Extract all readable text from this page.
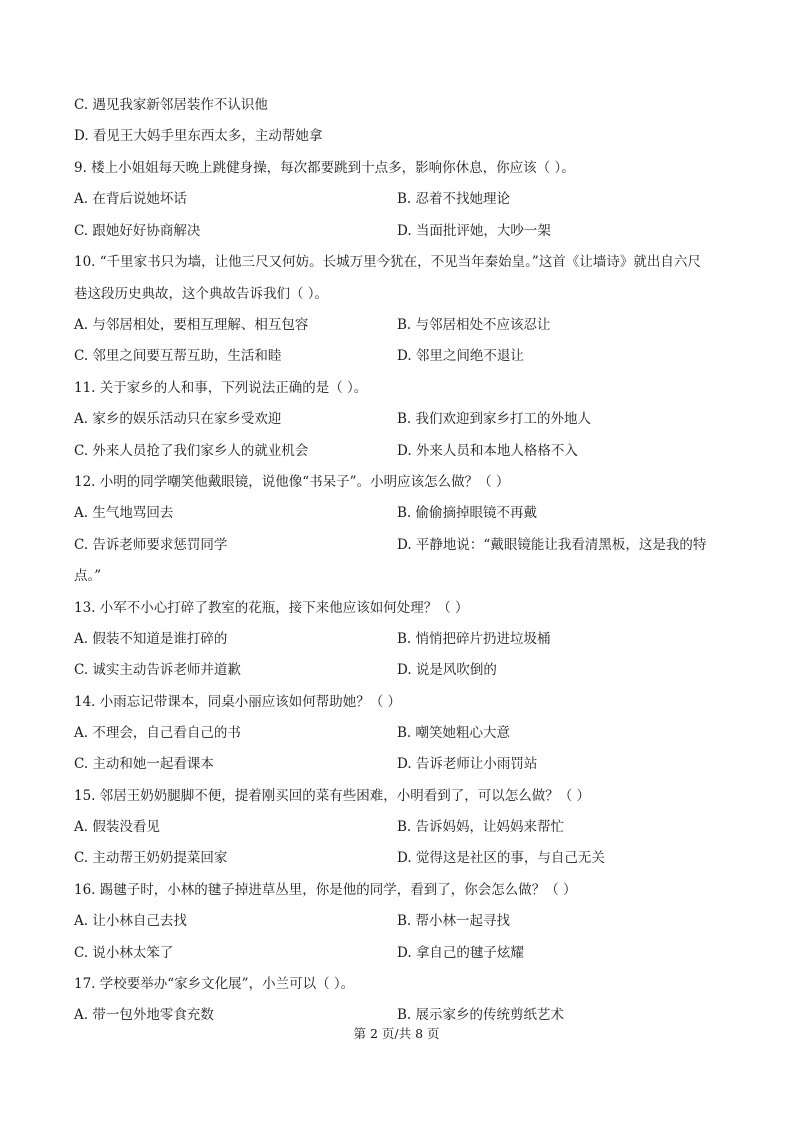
C. 遇见我家新邻居装作不认识他
D. 看见王大妈手里东西太多，主动帮她拿
9. 楼上小姐姐每天晚上跳健身操，每次都要跳到十点多，影响你休息，你应该（ ）。
A. 在背后说她坏话	B. 忍着不找她理论
C. 跟她好好协商解决	D. 当面批评她，大吵一架
10. “千里家书只为墙，让他三尺又何妨。长城万里今犹在，不见当年秦始皇。”这首《让墙诗》就出自六尺
巷这段历史典故，这个典故告诉我们（ ）。
A. 与邻居相处，要相互理解、相互包容	B. 与邻居相处不应该忍让
C. 邻里之间要互帮互助，生活和睦	D. 邻里之间绝不退让
11. 关于家乡的人和事，下列说法正确的是（ ）。
A. 家乡的娱乐活动只在家乡受欢迎	B. 我们欢迎到家乡打工的外地人
C. 外来人员抢了我们家乡人的就业机会	D. 外来人员和本地人格格不入
12. 小明的同学嘲笑他戴眼镜，说他像“书呆子”。小明应该怎么做？（ ）
A. 生气地骂回去	B. 偷偷摘掉眼镜不再戴
C. 告诉老师要求惩罚同学	D. 平静地说：“戴眼镜能让我看清黑板，这是我的特
点。”
13. 小军不小心打碎了教室的花瓶，接下来他应该如何处理？（ ）
A. 假装不知道是谁打碎的	B. 悄悄把碎片扔进垃圾桶
C. 诚实主动告诉老师并道歉	D. 说是风吹倒的
14. 小雨忘记带课本，同桌小丽应该如何帮助她？（ ）
A. 不理会，自己看自己的书	B. 嘲笑她粗心大意
C. 主动和她一起看课本	D. 告诉老师让小雨罚站
15. 邻居王奶奶腿脚不便，提着刚买回的菜有些困难，小明看到了，可以怎么做？（ ）
A. 假装没看见	B. 告诉妈妈，让妈妈来帮忙
C. 主动帮王奶奶提菜回家	D. 觉得这是社区的事，与自己无关
16. 踢毽子时，小林的毽子掉进草丛里，你是他的同学，看到了，你会怎么做？（ ）
A. 让小林自己去找	B. 帮小林一起寻找
C. 说小林太笨了	D. 拿自己的毽子炫耀
17. 学校要举办“家乡文化展”，小兰可以（ ）。
A. 带一包外地零食充数	B. 展示家乡的传统剪纸艺术
第 2 页/共 8 页
